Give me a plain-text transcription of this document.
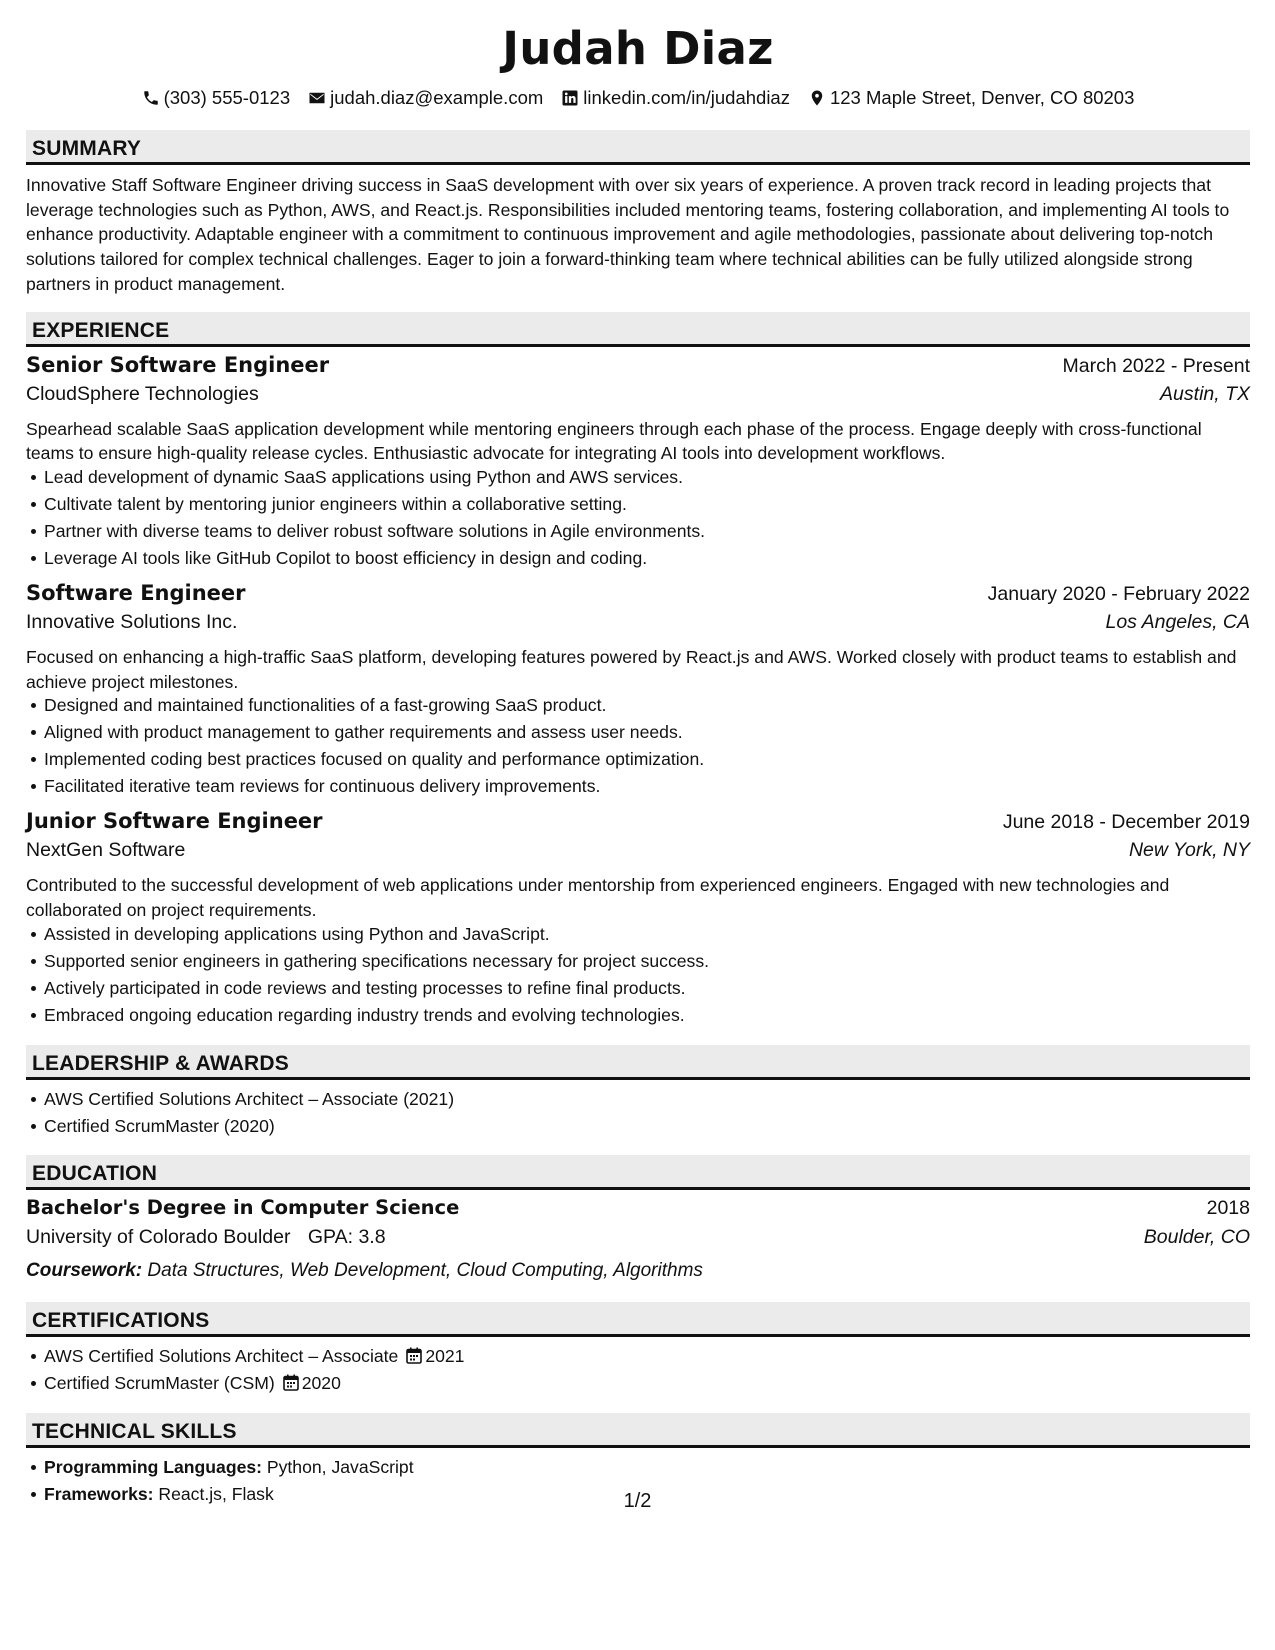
Judah Diaz
(303) 555-0123 judah.diaz@example.com linkedin.com/in/judahdiaz 123 Maple Street, Denver, CO 80203
SUMMARY
Innovative Staff Software Engineer driving success in SaaS development with over six years of experience. A proven track record in leading projects that leverage technologies such as Python, AWS, and React.js. Responsibilities included mentoring teams, fostering collaboration, and implementing AI tools to enhance productivity. Adaptable engineer with a commitment to continuous improvement and agile methodologies, passionate about delivering top-notch solutions tailored for complex technical challenges. Eager to join a forward-thinking team where technical abilities can be fully utilized alongside strong partners in product management.
EXPERIENCE
Senior Software Engineer	March 2022 - Present
CloudSphere Technologies	Austin, TX
Spearhead scalable SaaS application development while mentoring engineers through each phase of the process. Engage deeply with cross-functional teams to ensure high-quality release cycles. Enthusiastic advocate for integrating AI tools into development workflows.
Lead development of dynamic SaaS applications using Python and AWS services.
Cultivate talent by mentoring junior engineers within a collaborative setting.
Partner with diverse teams to deliver robust software solutions in Agile environments.
Leverage AI tools like GitHub Copilot to boost efficiency in design and coding.
Software Engineer	January 2020 - February 2022
Innovative Solutions Inc.	Los Angeles, CA
Focused on enhancing a high-traffic SaaS platform, developing features powered by React.js and AWS. Worked closely with product teams to establish and achieve project milestones.
Designed and maintained functionalities of a fast-growing SaaS product.
Aligned with product management to gather requirements and assess user needs.
Implemented coding best practices focused on quality and performance optimization.
Facilitated iterative team reviews for continuous delivery improvements.
Junior Software Engineer	June 2018 - December 2019
NextGen Software	New York, NY
Contributed to the successful development of web applications under mentorship from experienced engineers. Engaged with new technologies and collaborated on project requirements.
Assisted in developing applications using Python and JavaScript.
Supported senior engineers in gathering specifications necessary for project success.
Actively participated in code reviews and testing processes to refine final products.
Embraced ongoing education regarding industry trends and evolving technologies.
LEADERSHIP & AWARDS
AWS Certified Solutions Architect – Associate (2021)
Certified ScrumMaster (2020)
EDUCATION
Bachelor's Degree in Computer Science	2018
University of Colorado Boulder GPA: 3.8	Boulder, CO
Coursework: Data Structures, Web Development, Cloud Computing, Algorithms
CERTIFICATIONS
AWS Certified Solutions Architect – Associate 2021
Certified ScrumMaster (CSM) 2020
TECHNICAL SKILLS
Programming Languages: Python, JavaScript
Frameworks: React.js, Flask	1/2
